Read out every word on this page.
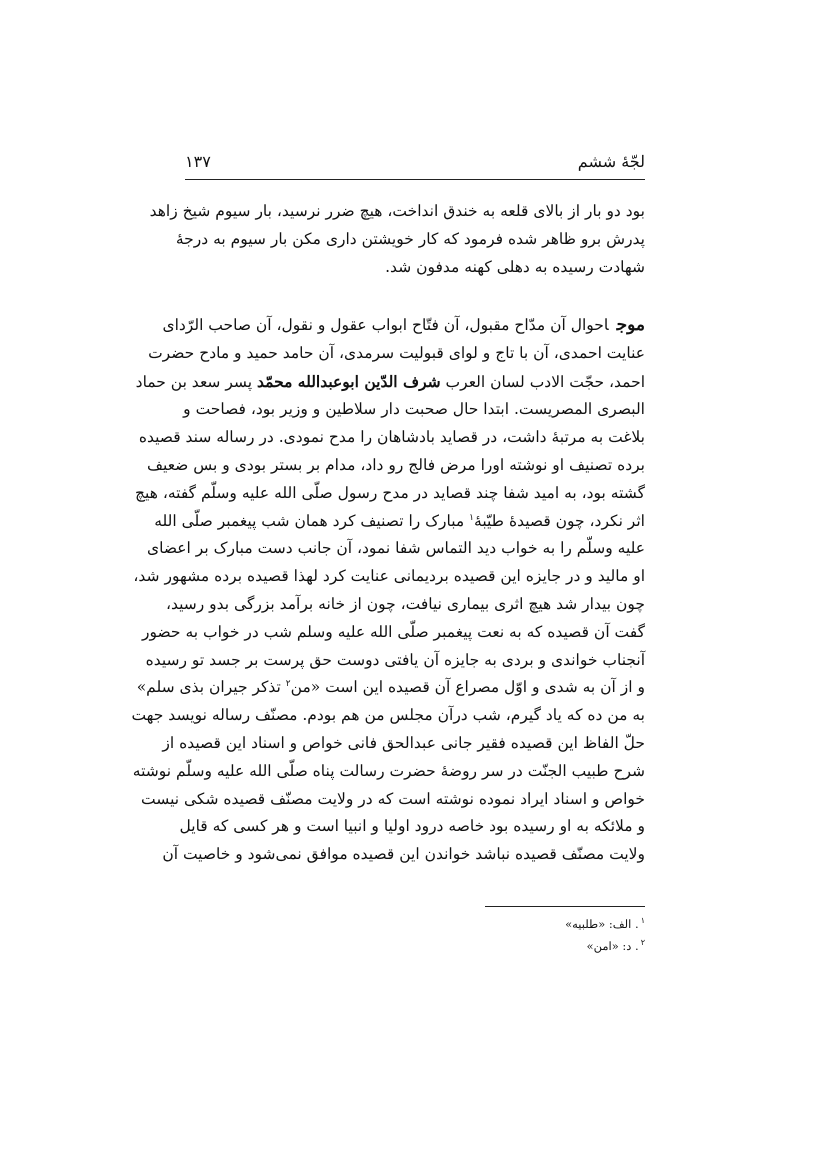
لجّهٔ ششم
۱۳۷
بود دو بار از بالای قلعه به خندق انداخت، هیچ ضرر نرسید، بار سیوم شیخ زاهد
پدرش برو ظاهر شده فرمود که کار خویشتن داری مکن بار سیوم به درجهٔ
شهادت رسیده به دهلی کهنه مدفون شد.
موجاحوال آن مدّاح مقبول، آن فتّاح ابواب عقول و نقول، آن صاحب الرّدای
عنایت احمدی، آن با تاج و لوای قبولیت سرمدی، آن حامد حمید و مادح حضرت
احمد، حجّت الادب لسان العرب شرف الدّین ابوعبدالله محمّد پسر سعد بن حماد
البصری المصریست. ابتدا حال صحبت دار سلاطین و وزیر بود، فصاحت و
بلاغت به مرتبهٔ داشت، در قصاید بادشاهان را مدح نمودی. در رساله سند قصیده
برده تصنیف او نوشته اورا مرض فالج رو داد، مدام بر بستر بودی و بس ضعیف
گشته بود، به امید شفا چند قصاید در مدح رسول صلّی الله علیه وسلّم گفته، هیچ
اثر نکرد، چون قصیدهٔ طیّبهٔ$^۱$ مبارک را تصنیف کرد همان شب پیغمبر صلّی الله
علیه وسلّم را به خواب دید التماس شفا نمود، آن جانب دست مبارک بر اعضای
او مالید و در جایزه این قصیده بردیمانی عنایت کرد لهذا قصیده برده مشهور شد،
چون بیدار شد هیچ اثری بیماری نیافت، چون از خانه برآمد بزرگی بدو رسید،
گفت آن قصیده که به نعت پیغمبر صلّی الله علیه وسلم شب در خواب به حضور
آنجناب خواندی و بردی به جایزه آن یافتی دوست حق پرست بر جسد تو رسیده
و از آن به شدی و اوّل مصراع آن قصیده این است «من$^۲$ تذکر جیران بذی سلم»
به من ده که یاد گیرم، شب درآن مجلس من هم بودم. مصنّف رساله نویسد جهت
حلّ الفاظ این قصیده فقیر جانی عبدالحق فانی خواص و اسناد این قصیده از
شرح طبیب الجنّت در سر روضهٔ حضرت رسالت پناه صلّی الله علیه وسلّم نوشته
خواص و اسناد ایراد نموده نوشته است که در ولایت مصنّف قصیده شکی نیست
و ملائکه به او رسیده بود خاصه درود اولیا و انبیا است و هر کسی که قایل
ولایت مصنّف قصیده نباشد خواندن این قصیده موافق نمی‌شود و خاصیت آن
$^۱$. الف: «طلبیه»
$^۲$. د: «امن»
